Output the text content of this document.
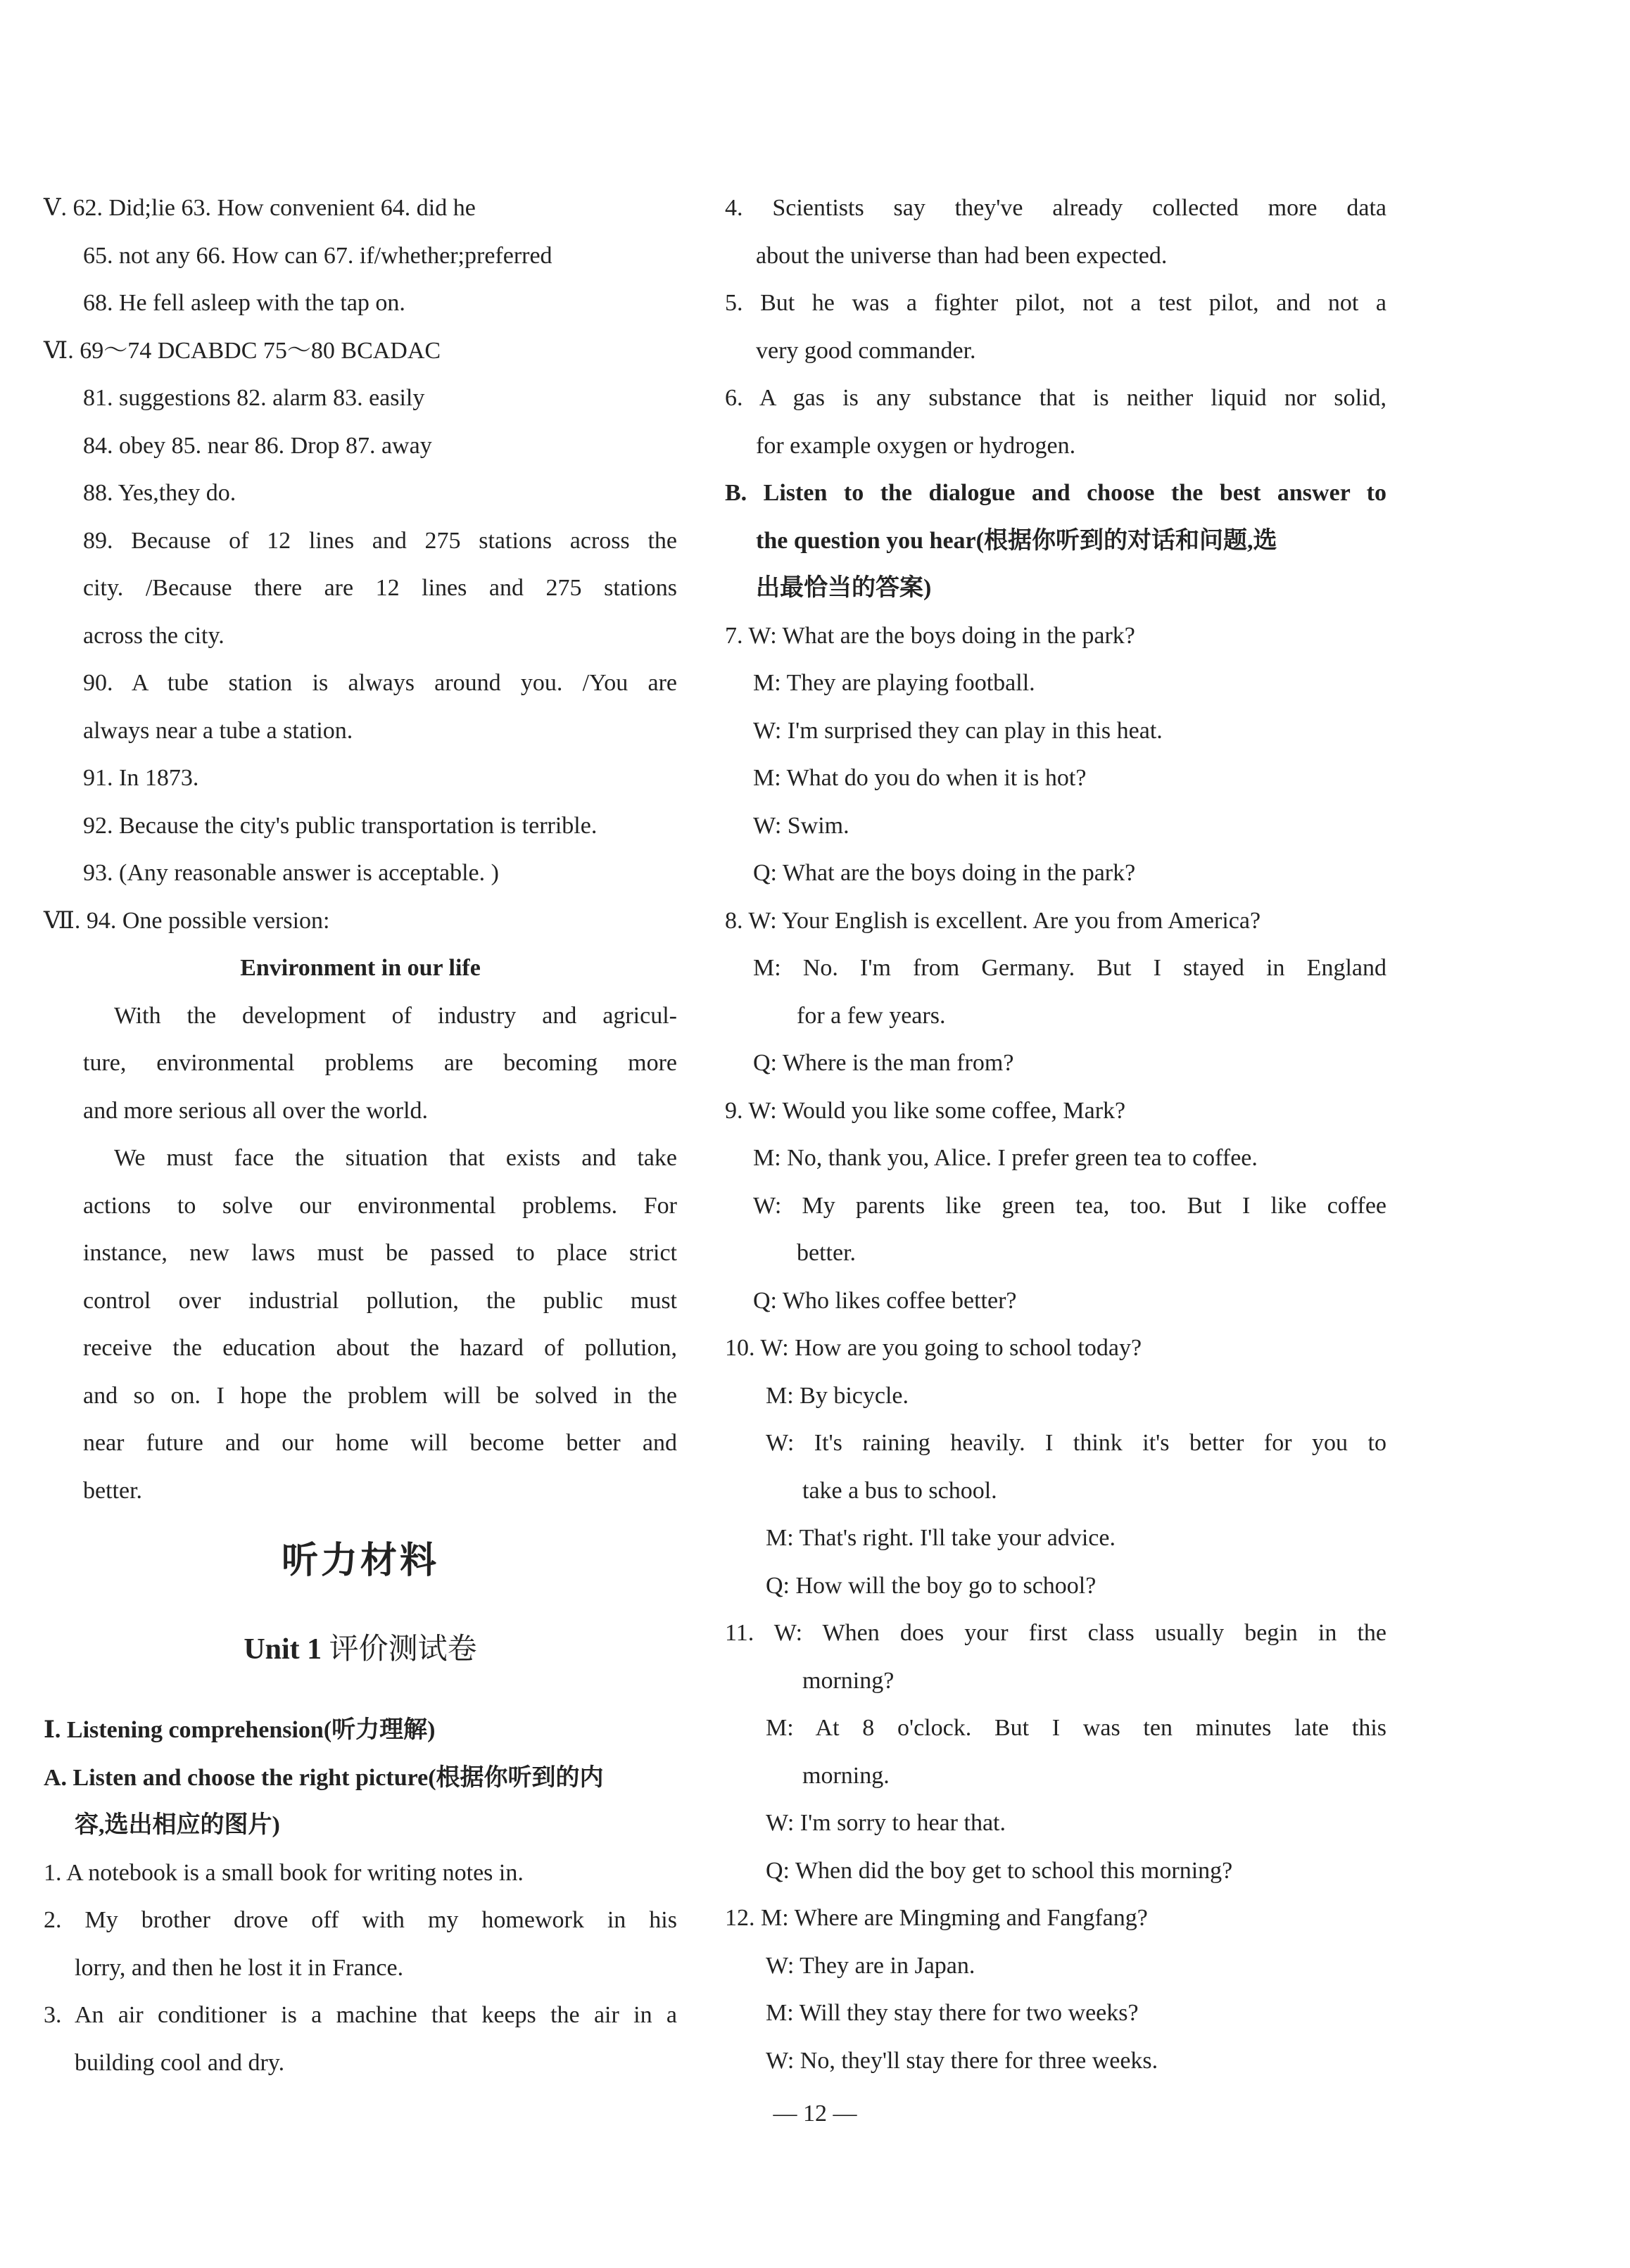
Ⅴ. 62. Did;lie 63. How convenient 64. did he
65. not any 66. How can 67. if/whether;preferred
68. He fell asleep with the tap on.
Ⅵ. 69～74 DCABDC 75～80 BCADAC
81. suggestions 82. alarm 83. easily
84. obey 85. near 86. Drop 87. away
88. Yes,they do.
89. Because of 12 lines and 275 stations across the
city. /Because there are 12 lines and 275 stations
across the city.
90. A tube station is always around you. /You are
always near a tube a station.
91. In 1873.
92. Because the city's public transportation is terrible.
93. (Any reasonable answer is acceptable. )
Ⅶ. 94. One possible version:
Environment in our life
With the development of industry and agricul-
ture, environmental problems are becoming more
and more serious all over the world.
We must face the situation that exists and take
actions to solve our environmental problems. For
instance, new laws must be passed to place strict
control over industrial pollution, the public must
receive the education about the hazard of pollution,
and so on. I hope the problem will be solved in the
near future and our home will become better and
better.
听力材料
Unit 1 评价测试卷
Ⅰ. Listening comprehension(听力理解)
A. Listen and choose the right picture(根据你听到的内
容,选出相应的图片)
1. A notebook is a small book for writing notes in.
2. My brother drove off with my homework in his
lorry, and then he lost it in France.
3. An air conditioner is a machine that keeps the air in a
building cool and dry.
4. Scientists say they've already collected more data
about the universe than had been expected.
5. But he was a fighter pilot, not a test pilot, and not a
very good commander.
6. A gas is any substance that is neither liquid nor solid,
for example oxygen or hydrogen.
B. Listen to the dialogue and choose the best answer to
the question you hear(根据你听到的对话和问题,选
出最恰当的答案)
7. W: What are the boys doing in the park?
M: They are playing football.
W: I'm surprised they can play in this heat.
M: What do you do when it is hot?
W: Swim.
Q: What are the boys doing in the park?
8. W: Your English is excellent. Are you from America?
M: No. I'm from Germany. But I stayed in England
for a few years.
Q: Where is the man from?
9. W: Would you like some coffee, Mark?
M: No, thank you, Alice. I prefer green tea to coffee.
W: My parents like green tea, too. But I like coffee
better.
Q: Who likes coffee better?
10. W: How are you going to school today?
M: By bicycle.
W: It's raining heavily. I think it's better for you to
take a bus to school.
M: That's right. I'll take your advice.
Q: How will the boy go to school?
11. W: When does your first class usually begin in the
morning?
M: At 8 o'clock. But I was ten minutes late this
morning.
W: I'm sorry to hear that.
Q: When did the boy get to school this morning?
12. M: Where are Mingming and Fangfang?
W: They are in Japan.
M: Will they stay there for two weeks?
W: No, they'll stay there for three weeks.
— 12 —
